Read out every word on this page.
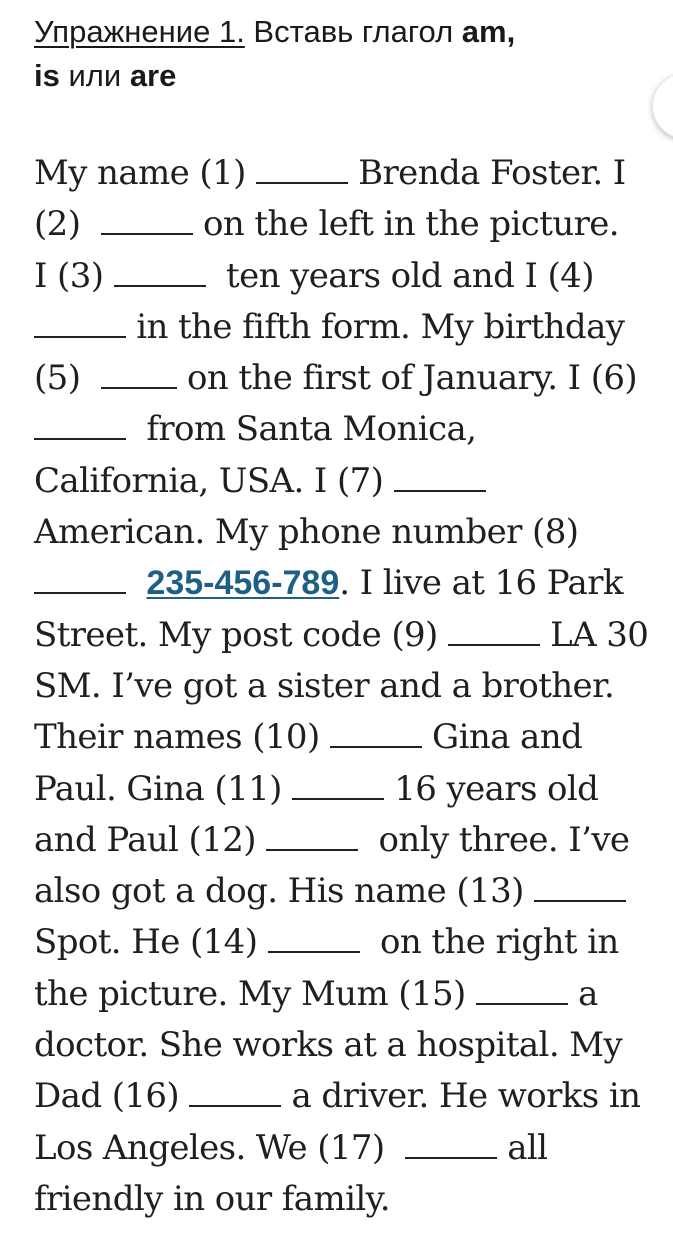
Упражнение 1. Вставь глагол am,
is или are
My name (1)	Brenda Foster. I
(2)	on the left in the picture.
I (3)	ten years old and I (4)
in the fifth form. My birthday
(5)   on the first of January. I (6)
from Santa Monica,
California, USA. I (7)
American. My phone number (8)
235-456-789. I live at 16 Park
Street. My post code (9)	LA 30
SM. I’ve got a sister and a brother.
Their names (10)	Gina and
Paul. Gina (11)	16 years old
and Paul (12)	only three. I’ve
also got a dog. His name (13)
Spot. He (14)	on the right in
the picture. My Mum (15)	a
doctor. She works at a hospital. My
Dad (16)	a driver. He works in
Los Angeles. We (17)	all
friendly in our family.
